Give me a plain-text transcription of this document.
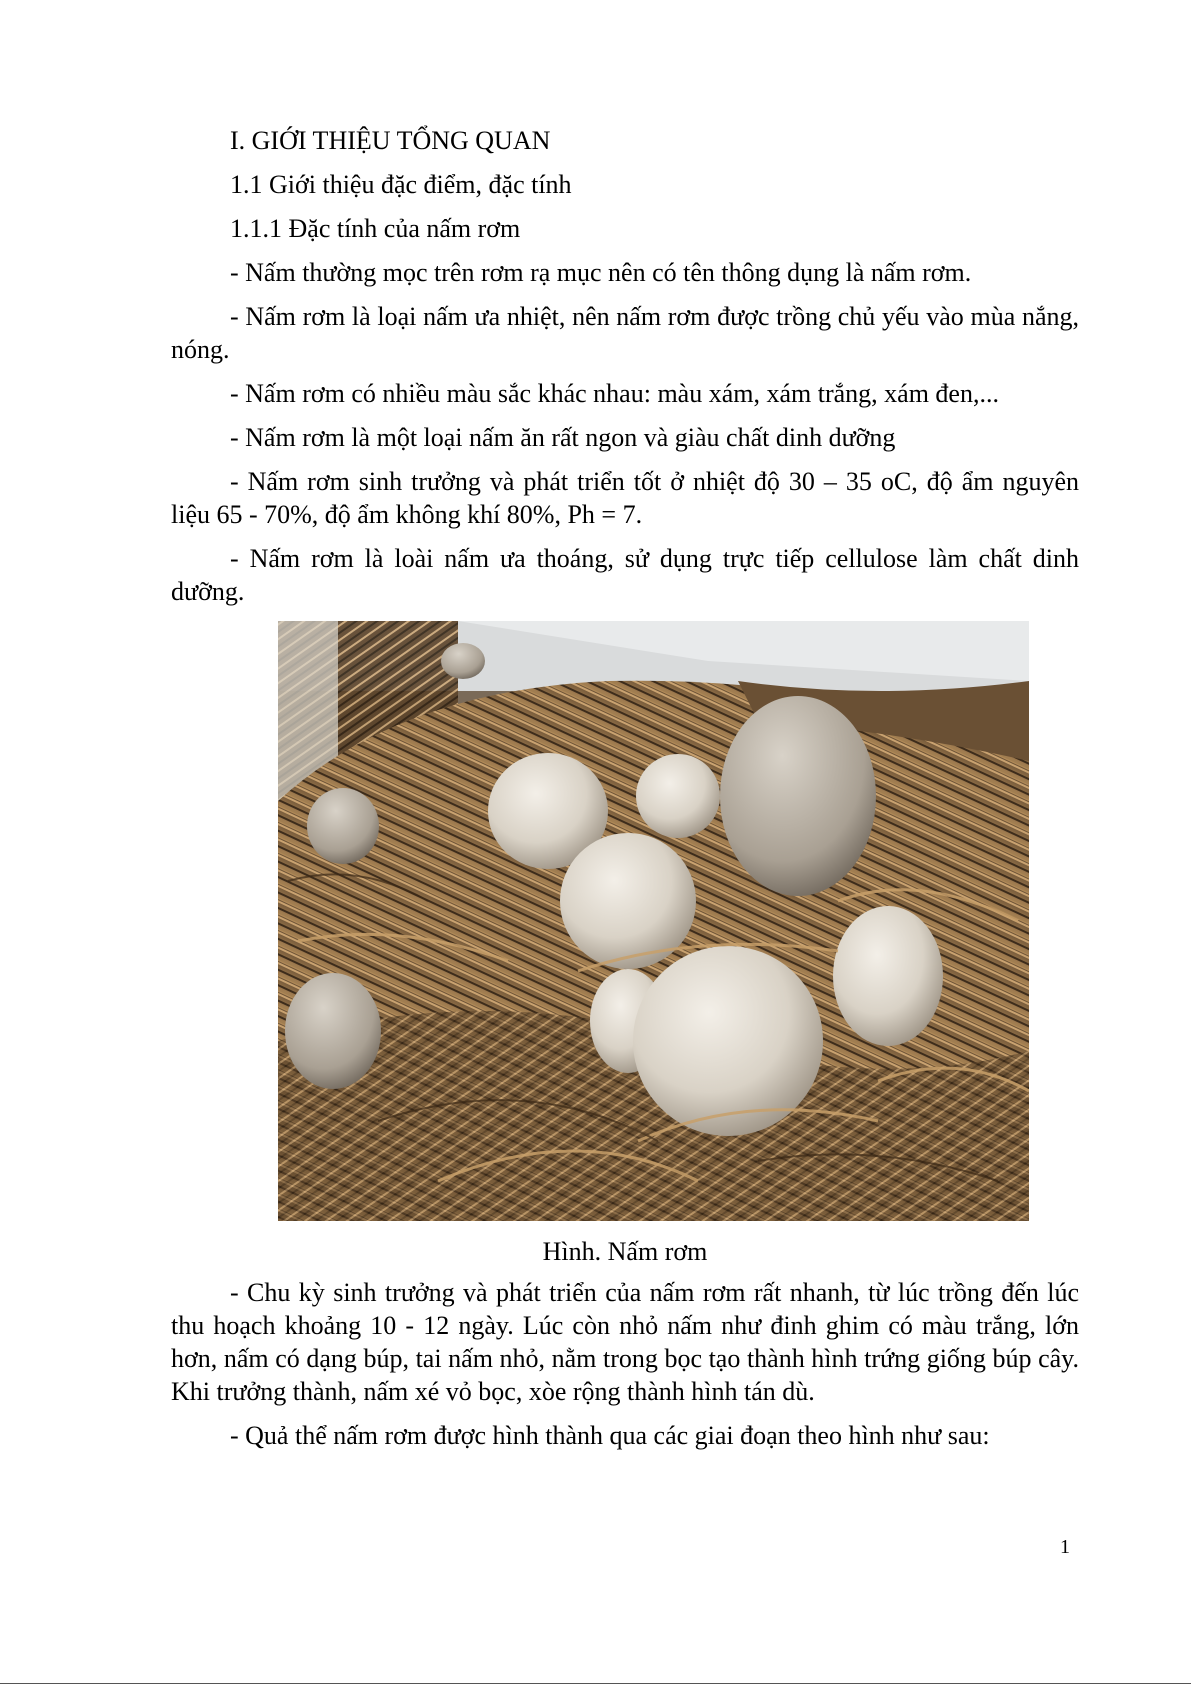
I. GIỚI THIỆU TỔNG QUAN

1.1 Giới thiệu đặc điểm, đặc tính

1.1.1 Đặc tính của nấm rơm

- Nấm thường mọc trên rơm rạ mục nên có tên thông dụng là nấm rơm.

- Nấm rơm là loại nấm ưa nhiệt, nên nấm rơm được trồng chủ yếu vào mùa nắng, nóng.

- Nấm rơm có nhiều màu sắc khác nhau: màu xám, xám trắng, xám đen,...

- Nấm rơm là một loại nấm ăn rất ngon và giàu chất dinh dưỡng

- Nấm rơm sinh trưởng và phát triển tốt ở nhiệt độ 30 – 35 oC, độ ẩm nguyên liệu 65 - 70%, độ ẩm không khí 80%, Ph = 7.

- Nấm rơm là loài nấm ưa thoáng, sử dụng trực tiếp cellulose làm chất dinh dưỡng.

Hình. Nấm rơm

- Chu kỳ sinh trưởng và phát triển của nấm rơm rất nhanh, từ lúc trồng đến lúc thu hoạch khoảng 10 - 12 ngày. Lúc còn nhỏ nấm như đinh ghim có màu trắng, lớn hơn, nấm có dạng búp, tai nấm nhỏ, nằm trong bọc tạo thành hình trứng giống búp cây. Khi trưởng thành, nấm xé vỏ bọc, xòe rộng thành hình tán dù.

- Quả thể nấm rơm được hình thành qua các giai đoạn theo hình như sau:

1
